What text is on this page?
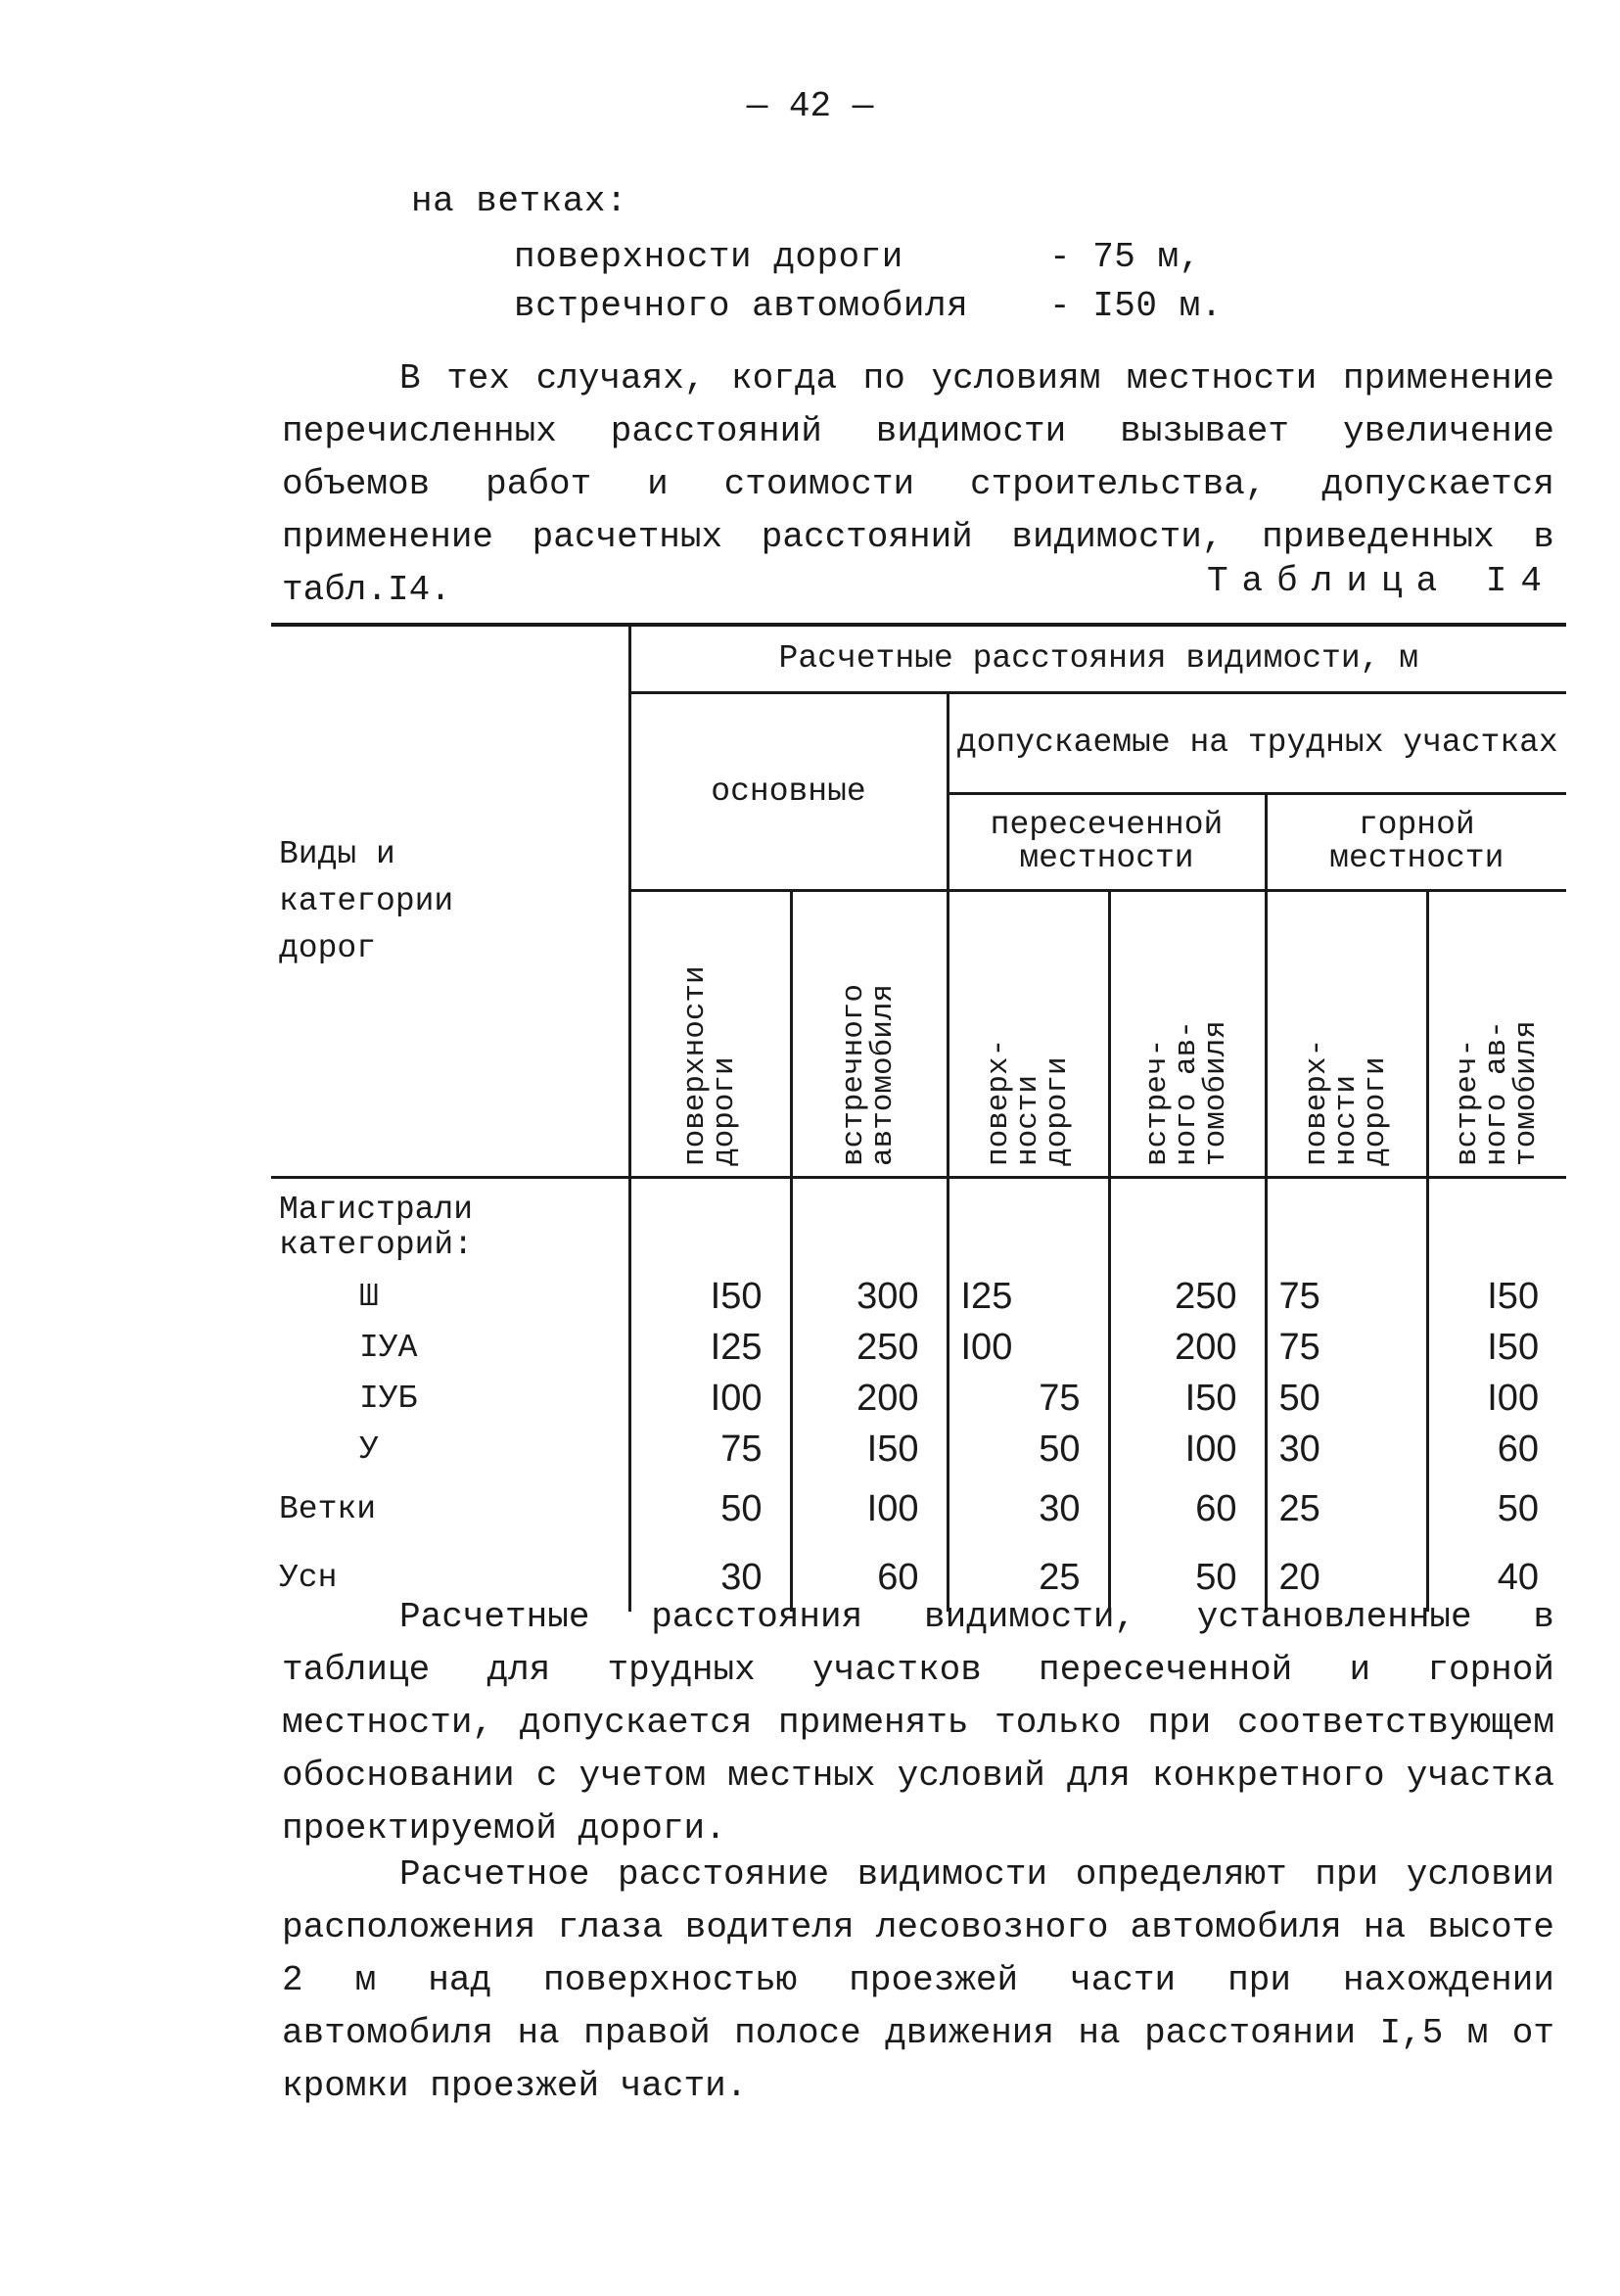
— 42 —
на ветках:
поверхности дороги	- 75 м,
встречного автомобиля - I50 м.

В тех случаях, когда по условиям местности применение перечисленных расстояний видимости вызывает увеличение объемов работ и стоимости строительства, допускается применение расчетных расстояний видимости, приведенных в табл.I4.	Таблица I4
Виды и категории дорог	Расчетные расстояния видимости, м					
	основные		допускаемые на трудных участках			
			пересеченной местности		горной местности	

	поверхности дороги	встречного автомобиля	поверх- ности дороги	встреч- ного ав- томобиля	поверх- ности дороги	встреч- ного ав- томобиля

Магистрали категорий:						
Ш	I50	300	I25	250	75	I50
ІУА	I25	250	I00	200	75	I50
ІУБ	I00	200	75	I50	50	I00
У	75	I50	50	I00	30	60
Ветки	50	I00	30	60	25	50
Усн	30	60	25	50	20	40

Расчетные расстояния видимости, установленные в таблице для трудных участков пересеченной и горной местности, допускается применять только при соответствующем обосновании с учетом местных условий для конкретного участка проектируемой дороги.

Расчетное расстояние видимости определяют при условии расположения глаза водителя лесовозного автомобиля на высоте 2 м над поверхностью проезжей части при нахождении автомобиля на правой полосе движения на расстоянии I,5 м от кромки проезжей части.
